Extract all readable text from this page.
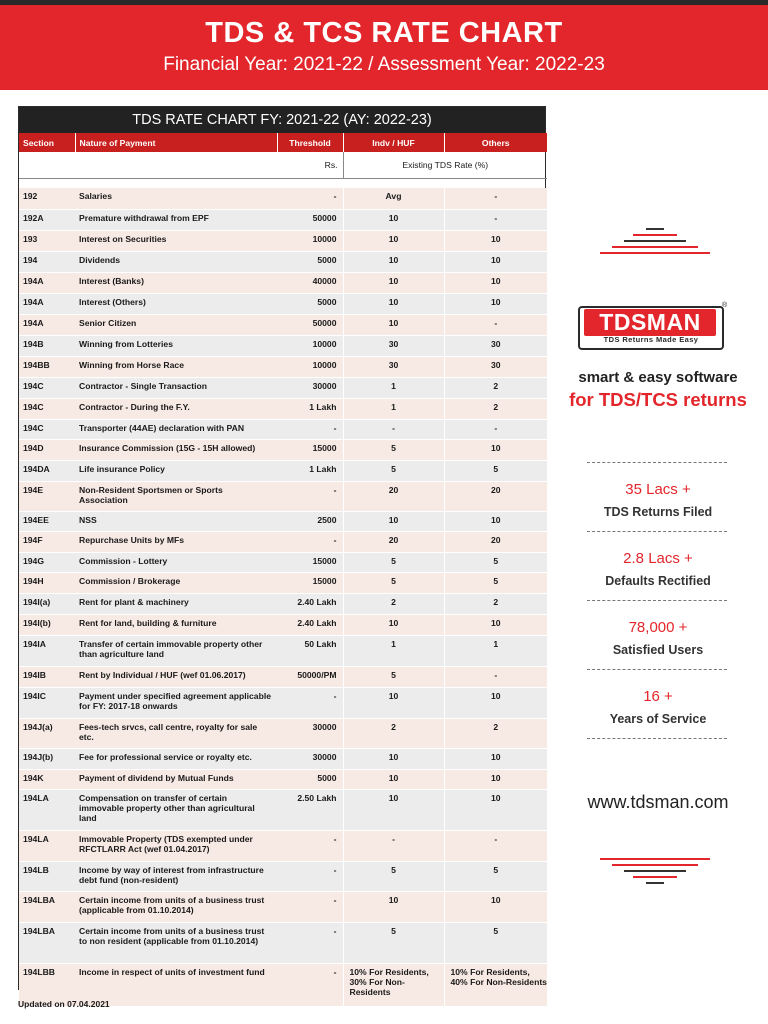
TDS & TCS RATE CHART
Financial Year: 2021-22 / Assessment Year: 2022-23
TDS RATE CHART FY: 2021-22 (AY: 2022-23)
Section	Nature of Payment	Threshold	Indv / HUF	Others
		Rs.	Existing TDS Rate (%)	

192	Salaries	-	Avg	-
192A	Premature withdrawal from EPF	50000	10	-
193	Interest on Securities	10000	10	10
194	Dividends	5000	10	10
194A	Interest (Banks)	40000	10	10
194A	Interest (Others)	5000	10	10
194A	Senior Citizen	50000	10	-
194B	Winning from Lotteries	10000	30	30
194BB	Winning from Horse Race	10000	30	30
194C	Contractor - Single Transaction	30000	1	2
194C	Contractor - During the F.Y.	1 Lakh	1	2
194C	Transporter (44AE) declaration with PAN	-	-	-
194D	Insurance Commission (15G - 15H allowed)	15000	5	10
194DA	Life insurance Policy	1 Lakh	5	5
194E	Non-Resident Sportsmen or Sports Association	-	20	20
194EE	NSS	2500	10	10
194F	Repurchase Units by MFs	-	20	20
194G	Commission - Lottery	15000	5	5
194H	Commission / Brokerage	15000	5	5
194I(a)	Rent for plant & machinery	2.40 Lakh	2	2
194I(b)	Rent for land, building & furniture	2.40 Lakh	10	10
194IA	Transfer of certain immovable property other than agriculture land	50 Lakh	1	1
194IB	Rent by Individual / HUF (wef 01.06.2017)	50000/PM	5	-
194IC	Payment under specified agreement applicable for FY: 2017-18 onwards	-	10	10
194J(a)	Fees-tech srvcs, call centre, royalty for sale etc.	30000	2	2
194J(b)	Fee for professional service or royalty etc.	30000	10	10
194K	Payment of dividend by Mutual Funds	5000	10	10
194LA	Compensation on transfer of certain immovable property other than agricultural land	2.50 Lakh	10	10
194LA	Immovable Property (TDS exempted under RFCTLARR Act (wef 01.04.2017)	-	-	-
194LB	Income by way of interest from infrastructure debt fund (non-resident)	-	5	5
194LBA	Certain income from units of a business trust (applicable from 01.10.2014)	-	10	10
194LBA	Certain income from units of a business trust to non resident (applicable from 01.10.2014)	-	5	5
194LBB	Income in respect of units of investment fund	-	10% For Residents, 30% For Non-Residents	10% For Residents, 40% For Non-Residents
Updated on 07.04.2021
TDSMAN
TDS Returns Made Easy
®
smart & easy software
for TDS/TCS returns
35 Lacs +
TDS Returns Filed
2.8 Lacs +
Defaults Rectified
78,000 +
Satisfied Users
16 +
Years of Service
www.tdsman.com
